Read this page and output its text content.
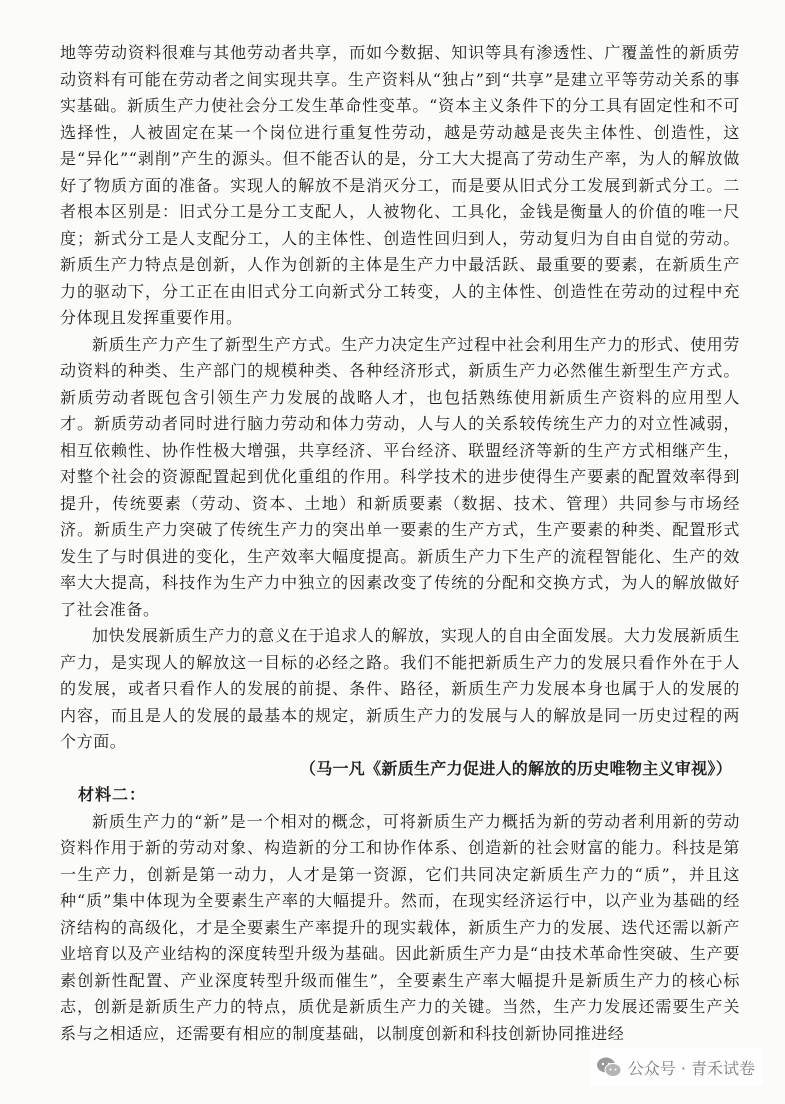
地等劳动资料很难与其他劳动者共享，而如今数据、知识等具有渗透性、广覆盖性的新质劳动资料有可能在劳动者之间实现共享。生产资料从“独占”到“共享”是建立平等劳动关系的事实基础。新质生产力使社会分工发生革命性变革。“资本主义条件下的分工具有固定性和不可选择性，人被固定在某一个岗位进行重复性劳动，越是劳动越是丧失主体性、创造性，这是“异化”“剥削”产生的源头。但不能否认的是，分工大大提高了劳动生产率，为人的解放做好了物质方面的准备。实现人的解放不是消灭分工，而是要从旧式分工发展到新式分工。二者根本区别是：旧式分工是分工支配人，人被物化、工具化，金钱是衡量人的价值的唯一尺度；新式分工是人支配分工，人的主体性、创造性回归到人，劳动复归为自由自觉的劳动。新质生产力特点是创新，人作为创新的主体是生产力中最活跃、最重要的要素，在新质生产力的驱动下，分工正在由旧式分工向新式分工转变，人的主体性、创造性在劳动的过程中充分体现且发挥重要作用。

新质生产力产生了新型生产方式。生产力决定生产过程中社会利用生产力的形式、使用劳动资料的种类、生产部门的规模种类、各种经济形式，新质生产力必然催生新型生产方式。新质劳动者既包含引领生产力发展的战略人才，也包括熟练使用新质生产资料的应用型人才。新质劳动者同时进行脑力劳动和体力劳动，人与人的关系较传统生产力的对立性减弱，相互依赖性、协作性极大增强，共享经济、平台经济、联盟经济等新的生产方式相继产生，对整个社会的资源配置起到优化重组的作用。科学技术的进步使得生产要素的配置效率得到提升，传统要素（劳动、资本、土地）和新质要素（数据、技术、管理）共同参与市场经济。新质生产力突破了传统生产力的突出单一要素的生产方式，生产要素的种类、配置形式发生了与时俱进的变化，生产效率大幅度提高。新质生产力下生产的流程智能化、生产的效率大大提高，科技作为生产力中独立的因素改变了传统的分配和交换方式，为人的解放做好了社会准备。

加快发展新质生产力的意义在于追求人的解放，实现人的自由全面发展。大力发展新质生产力，是实现人的解放这一目标的必经之路。我们不能把新质生产力的发展只看作外在于人的发展，或者只看作人的发展的前提、条件、路径，新质生产力发展本身也属于人的发展的内容，而且是人的发展的最基本的规定，新质生产力的发展与人的解放是同一历史过程的两个方面。

（马一凡《新质生产力促进人的解放的历史唯物主义审视》）

材料二：

新质生产力的“新”是一个相对的概念，可将新质生产力概括为新的劳动者利用新的劳动资料作用于新的劳动对象、构造新的分工和协作体系、创造新的社会财富的能力。科技是第一生产力，创新是第一动力，人才是第一资源，它们共同决定新质生产力的“质”，并且这种“质”集中体现为全要素生产率的大幅提升。然而，在现实经济运行中，以产业为基础的经济结构的高级化，才是全要素生产率提升的现实载体，新质生产力的发展、迭代还需以新产业培育以及产业结构的深度转型升级为基础。因此新质生产力是“由技术革命性突破、生产要素创新性配置、产业深度转型升级而催生”，全要素生产率大幅提升是新质生产力的核心标志，创新是新质生产力的特点，质优是新质生产力的关键。当然，生产力发展还需要生产关系与之相适应，还需要有相应的制度基础，以制度创新和科技创新协同推进经

公众号 · 青禾试卷
